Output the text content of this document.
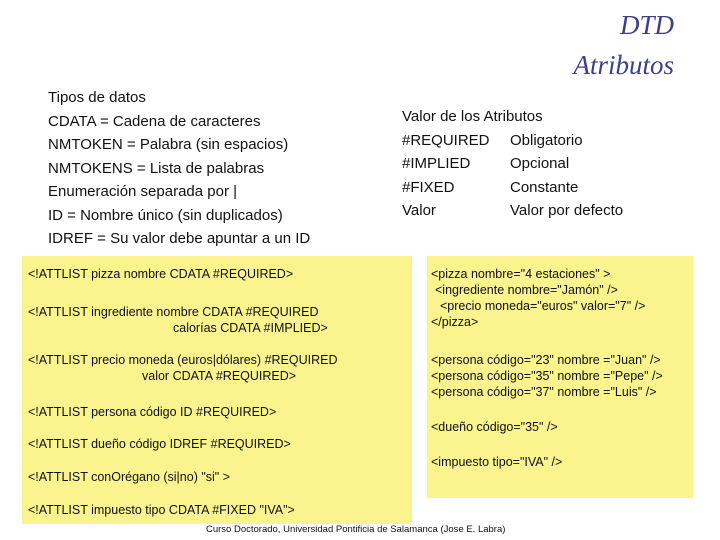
DTD
Atributos
Tipos de datos
CDATA = Cadena de caracteres
NMTOKEN = Palabra (sin espacios)
NMTOKENS = Lista de palabras
Enumeración separada por |
ID = Nombre único (sin duplicados)
IDREF = Su valor debe apuntar a un ID
Valor de los Atributos
#REQUIRED	Obligatorio
#IMPLIED	Opcional
#FIXED	Constante
Valor	Valor por defecto
<!ATTLIST pizza nombre CDATA #REQUIRED>
<!ATTLIST ingrediente nombre CDATA #REQUIRED
calorías CDATA #IMPLIED>
<!ATTLIST precio moneda (euros|dólares) #REQUIRED
valor CDATA #REQUIRED>
<!ATTLIST persona código ID #REQUIRED>
<!ATTLIST dueño código IDREF #REQUIRED>
<!ATTLIST conOrégano (si|no) "si" >
<!ATTLIST impuesto tipo CDATA #FIXED "IVA">
<pizza nombre="4 estaciones" >
<ingrediente nombre="Jamón" />
<precio moneda="euros" valor="7" />
</pizza>
<persona código="23" nombre ="Juan" />
<persona código="35" nombre ="Pepe" />
<persona código="37" nombre ="Luis" />
<dueño código="35" />
<impuesto tipo="IVA" />
Curso Doctorado, Universidad Pontificia de Salamanca (Jose E. Labra)
